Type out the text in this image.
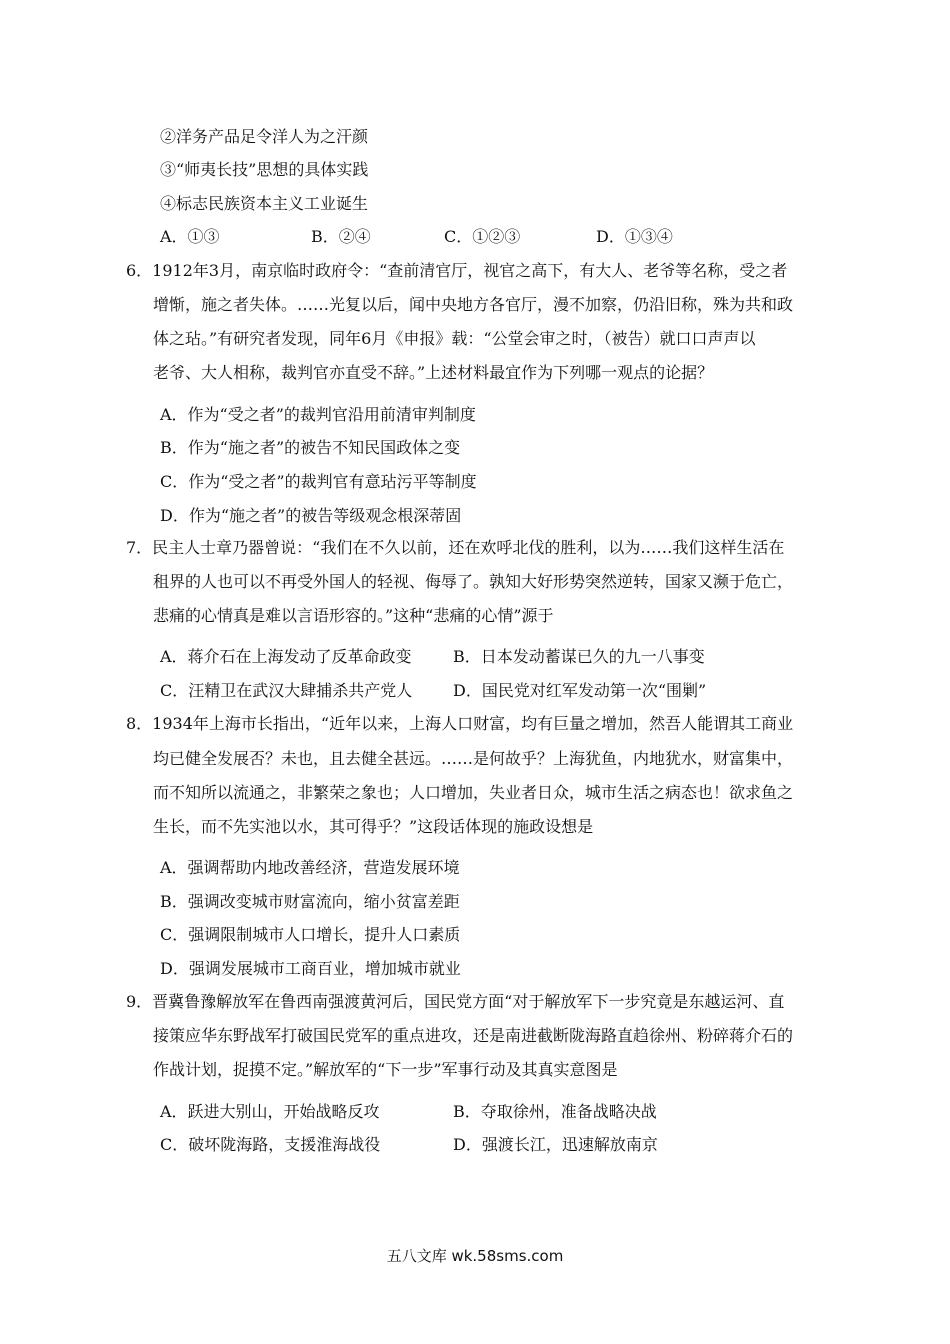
②洋务产品足令洋人为之汗颜
③“师夷长技”思想的具体实践
④标志民族资本主义工业诞生
A．①③	B．②④	C．①②③	D．①③④
6．1912年3月，南京临时政府令：“查前清官厅，视官之高下，有大人、老爷等名称，受之者
增惭，施之者失体。……光复以后，闻中央地方各官厅，漫不加察，仍沿旧称，殊为共和政
体之玷。”有研究者发现，同年6月《申报》载：“公堂会审之时，（被告）就口口声声以
老爷、大人相称，裁判官亦直受不辞。”上述材料最宜作为下列哪一观点的论据？
A．作为“受之者”的裁判官沿用前清审判制度
B．作为“施之者”的被告不知民国政体之变
C．作为“受之者”的裁判官有意玷污平等制度
D．作为“施之者”的被告等级观念根深蒂固
7．民主人士章乃器曾说：“我们在不久以前，还在欢呼北伐的胜利，以为……我们这样生活在
租界的人也可以不再受外国人的轻视、侮辱了。孰知大好形势突然逆转，国家又濒于危亡，
悲痛的心情真是难以言语形容的。”这种“悲痛的心情”源于
A．蒋介石在上海发动了反革命政变	B．日本发动蓄谋已久的九一八事变
C．汪精卫在武汉大肆捕杀共产党人	D．国民党对红军发动第一次“围剿”
8．1934年上海市长指出，“近年以来，上海人口财富，均有巨量之增加，然吾人能谓其工商业
均已健全发展否？未也，且去健全甚远。……是何故乎？上海犹鱼，内地犹水，财富集中，
而不知所以流通之，非繁荣之象也；人口增加，失业者日众，城市生活之病态也！欲求鱼之
生长，而不先实池以水，其可得乎？”这段话体现的施政设想是
A．强调帮助内地改善经济，营造发展环境
B．强调改变城市财富流向，缩小贫富差距
C．强调限制城市人口增长，提升人口素质
D．强调发展城市工商百业，增加城市就业
9．晋冀鲁豫解放军在鲁西南强渡黄河后，国民党方面“对于解放军下一步究竟是东越运河、直
接策应华东野战军打破国民党军的重点进攻，还是南进截断陇海路直趋徐州、粉碎蒋介石的
作战计划，捉摸不定。”解放军的“下一步”军事行动及其真实意图是
A．跃进大别山，开始战略反攻	B．夺取徐州，准备战略决战
C．破坏陇海路，支援淮海战役	D．强渡长江，迅速解放南京
五八文库 wk.58sms.com
